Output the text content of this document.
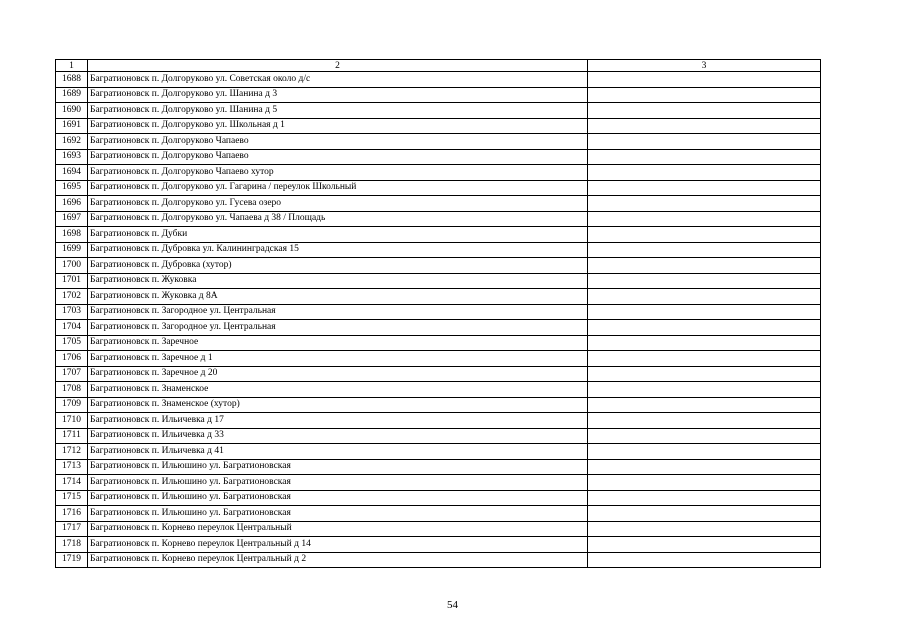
1	2	3
1688	Багратионовск п. Долгоруково ул. Советская около д/с	
1689	Багратионовск п. Долгоруково ул. Шанина д 3	
1690	Багратионовск п. Долгоруково ул. Шанина д 5	
1691	Багратионовск п. Долгоруково ул. Школьная д 1	
1692	Багратионовск п. Долгоруково Чапаево	
1693	Багратионовск п. Долгоруково Чапаево	
1694	Багратионовск п. Долгоруково Чапаево хутор	
1695	Багратионовск п. Долгоруково ул. Гагарина / переулок Школьный	
1696	Багратионовск п. Долгоруково ул. Гусева озеро	
1697	Багратионовск п. Долгоруково ул. Чапаева д 38 / Площадь	
1698	Багратионовск п. Дубки	
1699	Багратионовск п. Дубровка ул. Калининградская 15	
1700	Багратионовск п. Дубровка (хутор)	
1701	Багратионовск п. Жуковка	
1702	Багратионовск п. Жуковка д 8А	
1703	Багратионовск п. Загородное ул. Центральная	
1704	Багратионовск п. Загородное ул. Центральная	
1705	Багратионовск п. Заречное	
1706	Багратионовск п. Заречное д 1	
1707	Багратионовск п. Заречное д 20	
1708	Багратионовск п. Знаменское	
1709	Багратионовск п. Знаменское (хутор)	
1710	Багратионовск п. Ильичевка д 17	
1711	Багратионовск п. Ильичевка д 33	
1712	Багратионовск п. Ильичевка д 41	
1713	Багратионовск п. Ильюшино ул. Багратионовская	
1714	Багратионовск п. Ильюшино ул. Багратионовская	
1715	Багратионовск п. Ильюшино ул. Багратионовская	
1716	Багратионовск п. Ильюшино ул. Багратионовская	
1717	Багратионовск п. Корнево переулок Центральный	
1718	Багратионовск п. Корнево переулок Центральный д 14	
1719	Багратионовск п. Корнево переулок Центральный д 2	
54
